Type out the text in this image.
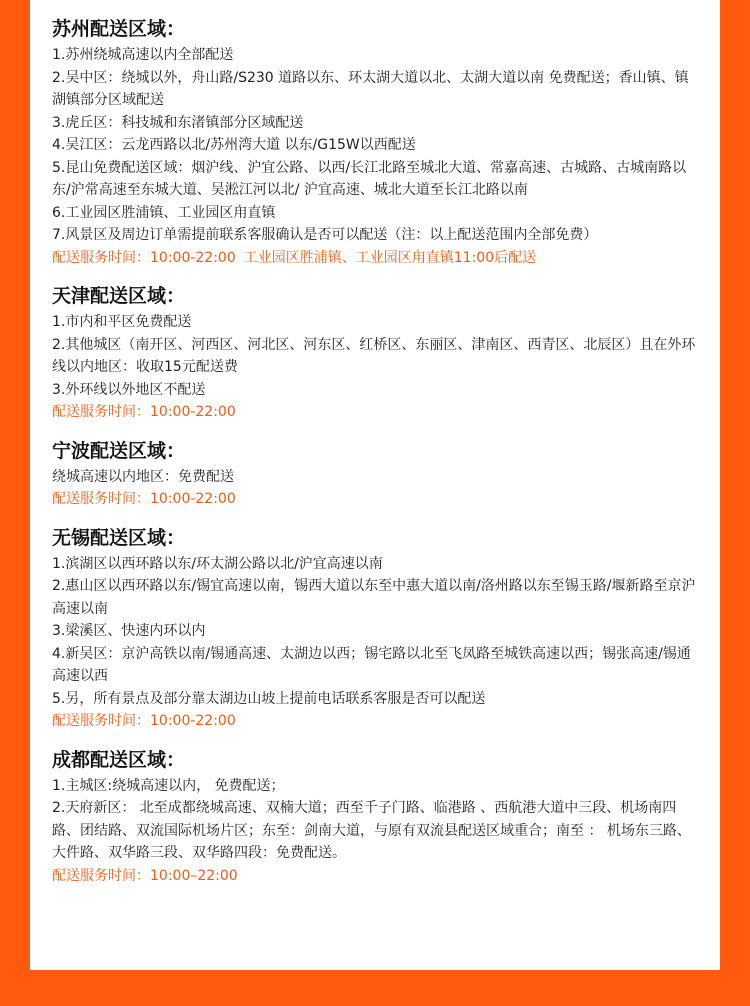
苏州配送区域：

1.苏州绕城高速以内全部配送

2.吴中区：绕城以外，舟山路/S230 道路以东、环太湖大道以北、太湖大道以南 免费配送；香山镇、镇湖镇部分区域配送

3.虎丘区：科技城和东渚镇部分区域配送

4.吴江区：云龙西路以北/苏州湾大道 以东/G15W以西配送

5.昆山免费配送区域：烟沪线、沪宜公路、以西/长江北路至城北大道、常嘉高速、古城路、古城南路以东/沪常高速至东城大道、吴淞江河以北/ 沪宜高速、城北大道至长江北路以南

6.工业园区胜浦镇、工业园区甪直镇

7.风景区及周边订单需提前联系客服确认是否可以配送（注：以上配送范围内全部免费）

配送服务时间：10:00-22:00 工业园区胜浦镇、工业园区甪直镇11:00后配送

天津配送区域：

1.市内和平区免费配送

2.其他城区（南开区、河西区、河北区、河东区、红桥区、东丽区、津南区、西青区、北辰区）且在外环线以内地区：收取15元配送费

3.外环线以外地区不配送

配送服务时间：10:00-22:00

宁波配送区域：

绕城高速以内地区：免费配送

配送服务时间：10:00-22:00

无锡配送区域：

1.滨湖区以西环路以东/环太湖公路以北/沪宜高速以南

2.惠山区以西环路以东/锡宜高速以南，锡西大道以东至中惠大道以南/洛州路以东至锡玉路/堰新路至京沪高速以南

3.梁溪区、快速内环以内

4.新吴区：京沪高铁以南/锡通高速、太湖边以西；锡宅路以北至飞凤路至城铁高速以西；锡张高速/锡通高速以西

5.另，所有景点及部分靠太湖边山坡上提前电话联系客服是否可以配送

配送服务时间：10:00-22:00

成都配送区域：

1.主城区:绕城高速以内， 免费配送；

2.天府新区： 北至成都绕城高速、双楠大道；西至千子门路、临港路 、西航港大道中三段、机场南四路、团结路、双流国际机场片区；东至：剑南大道，与原有双流县配送区域重合；南至 ： 机场东三路、大件路、双华路三段、双华路四段：免费配送。

配送服务时间：10:00–22:00
